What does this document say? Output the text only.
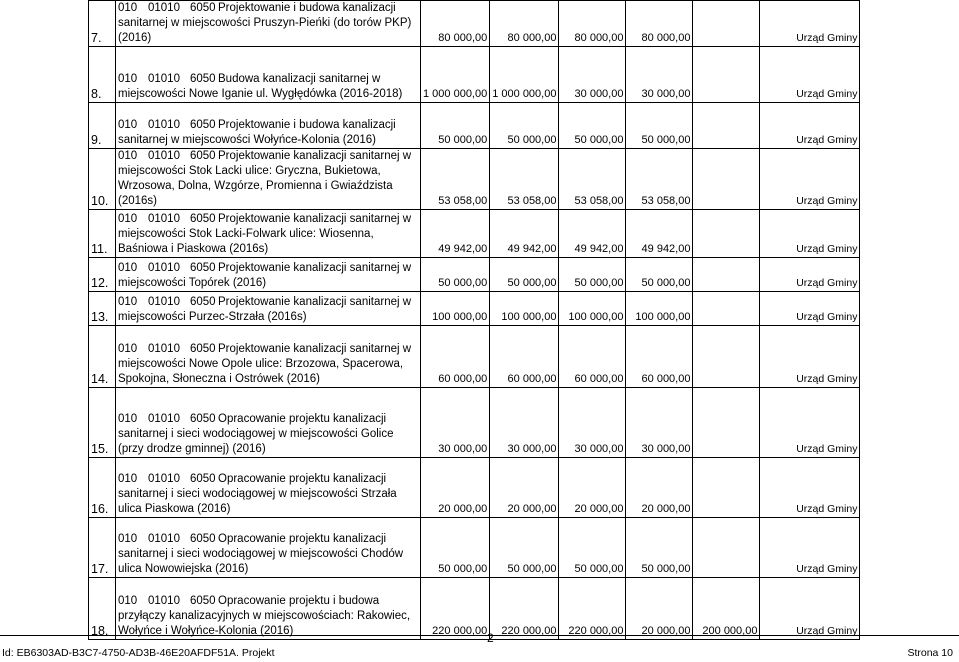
7.	010 01010 6050 Projektowanie i budowa kanalizacji sanitarnej w miejscowości Pruszyn-Pieńki (do torów PKP) (2016)	80 000,00	80 000,00	80 000,00	80 000,00		Urząd Gminy
8.	010 01010 6050 Budowa kanalizacji sanitarnej w miejscowości Nowe Iganie ul. Wygłędówka (2016-2018)	1 000 000,00	1 000 000,00	30 000,00	30 000,00		Urząd Gminy
9.	010 01010 6050 Projektowanie i budowa kanalizacji sanitarnej w miejscowości Wołyńce-Kolonia (2016)	50 000,00	50 000,00	50 000,00	50 000,00		Urząd Gminy
10.	010 01010 6050 Projektowanie kanalizacji sanitarnej w miejscowości Stok Lacki ulice: Gryczna, Bukietowa, Wrzosowa, Dolna, Wzgórze, Promienna i Gwiaździsta (2016s)	53 058,00	53 058,00	53 058,00	53 058,00		Urząd Gminy
11.	010 01010 6050 Projektowanie kanalizacji sanitarnej w miejscowości Stok Lacki-Folwark ulice: Wiosenna, Baśniowa i Piaskowa (2016s)	49 942,00	49 942,00	49 942,00	49 942,00		Urząd Gminy
12.	010 01010 6050 Projektowanie kanalizacji sanitarnej w miejscowości Topórek (2016)	50 000,00	50 000,00	50 000,00	50 000,00		Urząd Gminy
13.	010 01010 6050 Projektowanie kanalizacji sanitarnej w miejscowości Purzec-Strzała (2016s)	100 000,00	100 000,00	100 000,00	100 000,00		Urząd Gminy
14.	010 01010 6050 Projektowanie kanalizacji sanitarnej w miejscowości Nowe Opole ulice: Brzozowa, Spacerowa, Spokojna, Słoneczna i Ostrówek (2016)	60 000,00	60 000,00	60 000,00	60 000,00		Urząd Gminy
15.	010 01010 6050 Opracowanie projektu kanalizacji sanitarnej i sieci wodociągowej w miejscowości Golice (przy drodze gminnej) (2016)	30 000,00	30 000,00	30 000,00	30 000,00		Urząd Gminy
16.	010 01010 6050 Opracowanie projektu kanalizacji sanitarnej i sieci wodociągowej w miejscowości Strzała ulica Piaskowa (2016)	20 000,00	20 000,00	20 000,00	20 000,00		Urząd Gminy
17.	010 01010 6050 Opracowanie projektu kanalizacji sanitarnej i sieci wodociągowej w miejscowości Chodów ulica Nowowiejska (2016)	50 000,00	50 000,00	50 000,00	50 000,00		Urząd Gminy
18.	010 01010 6050 Opracowanie projektu i budowa przyłączy kanalizacyjnych w miejscowościach: Rakowiec, Wołyńce i Wołyńce-Kolonia (2016)	220 000,00	220 000,00	220 000,00	20 000,00	200 000,00	Urząd Gminy
2
Id: EB6303AD-B3C7-4750-AD3B-46E20AFDF51A. Projekt	Strona 10
